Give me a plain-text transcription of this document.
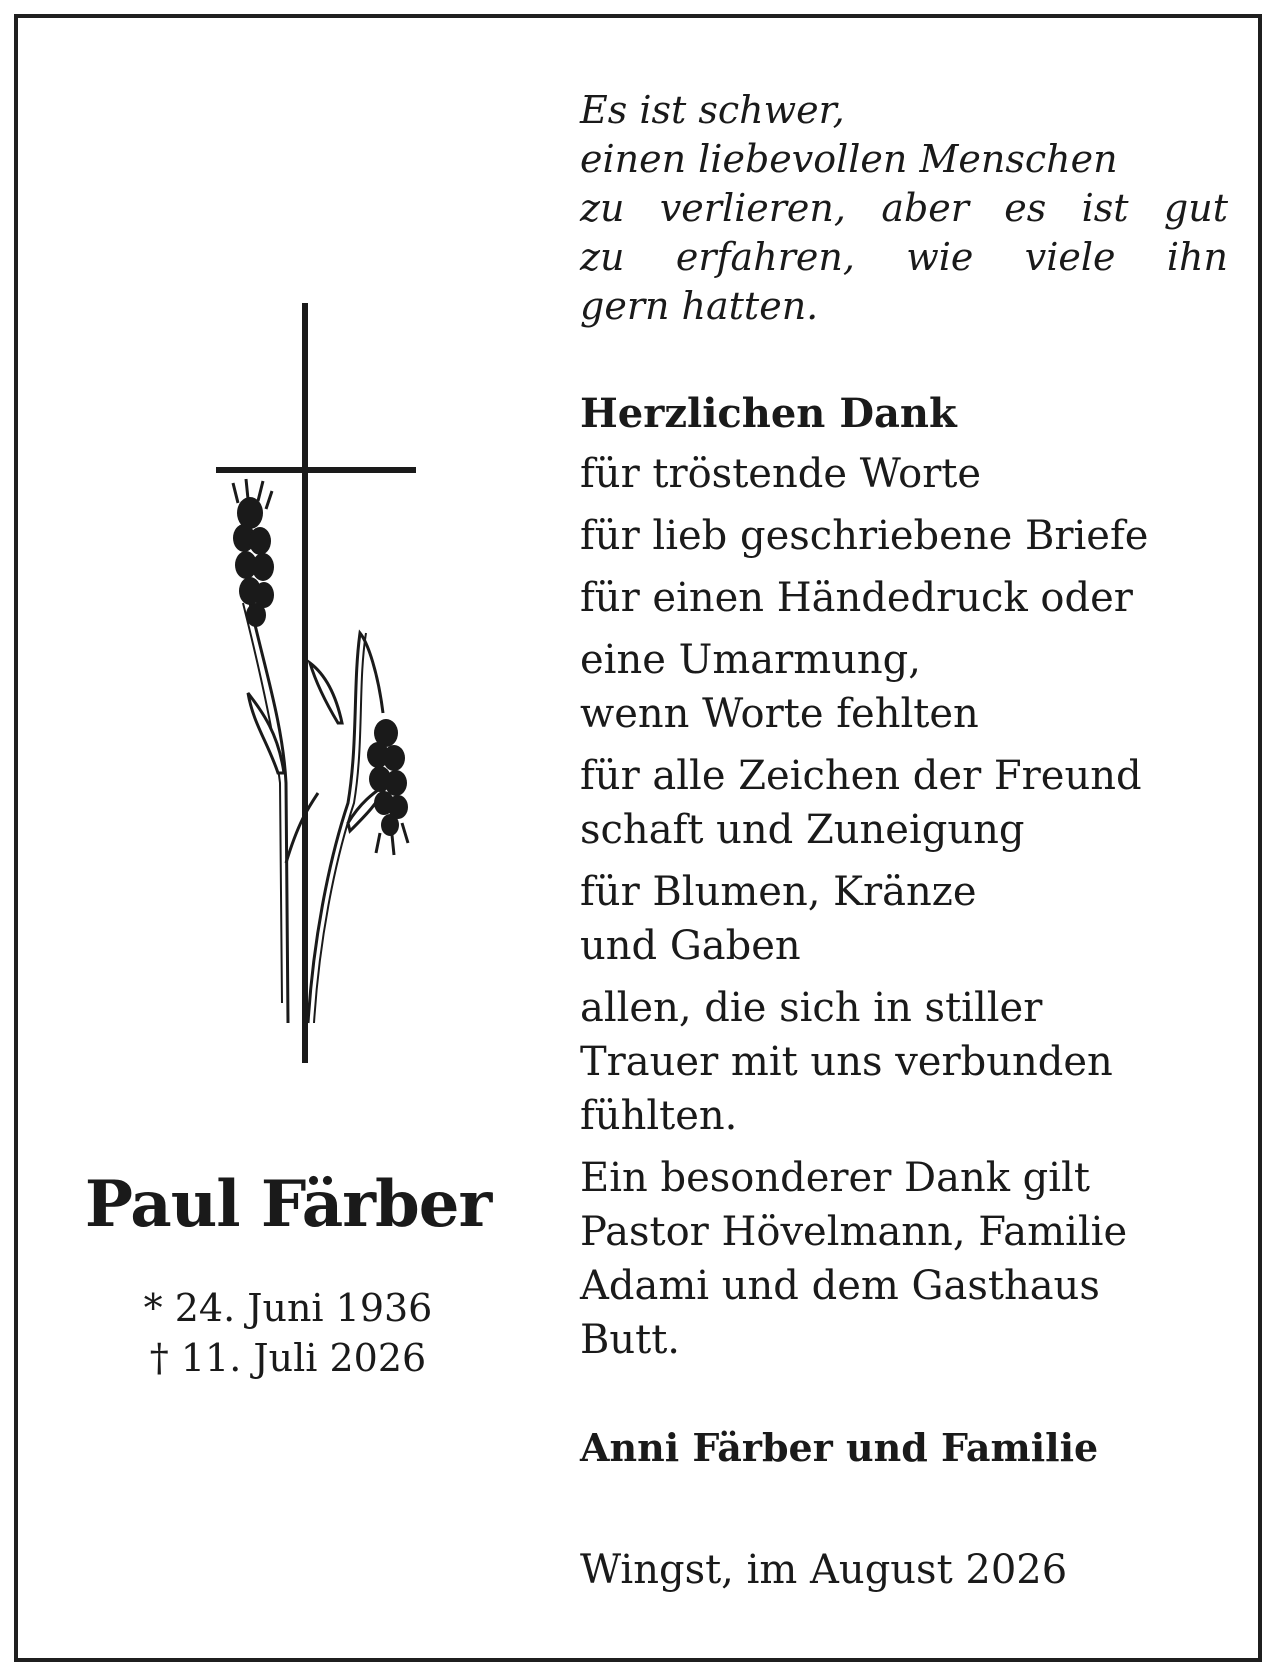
Paul Färber
* 24. Juni 1936
† 11. Juli 2026
Es ist schwer,
einen liebevollen Menschen
zu verlieren, aber es ist gut
zu erfahren, wie viele ihn
gern hatten.
Herzlichen Dank
für tröstende Worte
für lieb geschriebene Briefe
für einen Händedruck oder
eine Umarmung,
wenn Worte fehlten
für alle Zeichen der Freund
schaft und Zuneigung
für Blumen, Kränze
und Gaben
allen, die sich in stiller
Trauer mit uns verbunden
fühlten.
Ein besonderer Dank gilt
Pastor Hövelmann, Familie
Adami und dem Gasthaus
Butt.
Anni Färber und Familie
Wingst, im August 2026
